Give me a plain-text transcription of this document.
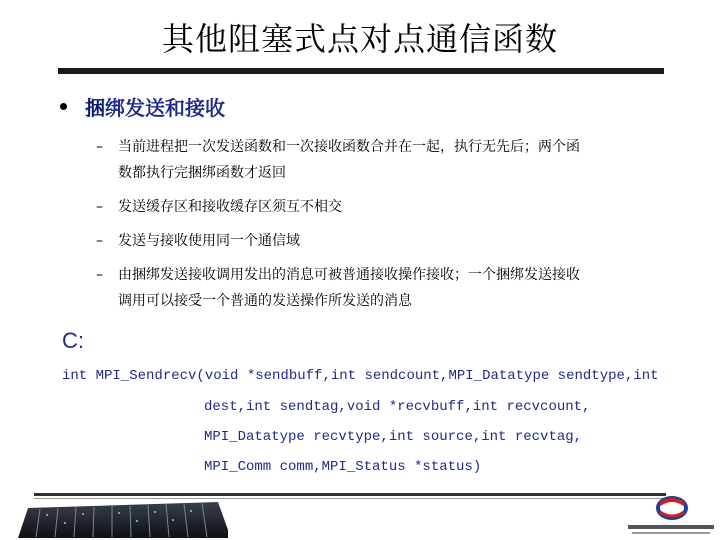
其他阻塞式点对点通信函数
捆绑发送和接收
– 当前进程把一次发送函数和一次接收函数合并在一起，执行无先后；两个函
数都执行完捆绑函数才返回
– 发送缓存区和接收缓存区须互不相交
– 发送与接收使用同一个通信域
– 由捆绑发送接收调用发出的消息可被普通接收操作接收；一个捆绑发送接收
调用可以接受一个普通的发送操作所发送的消息
C:
int MPI_Sendrecv(void *sendbuff,int sendcount,MPI_Datatype sendtype,int
dest,int sendtag,void *recvbuff,int recvcount,
MPI_Datatype recvtype,int source,int recvtag,
MPI_Comm comm,MPI_Status *status)
